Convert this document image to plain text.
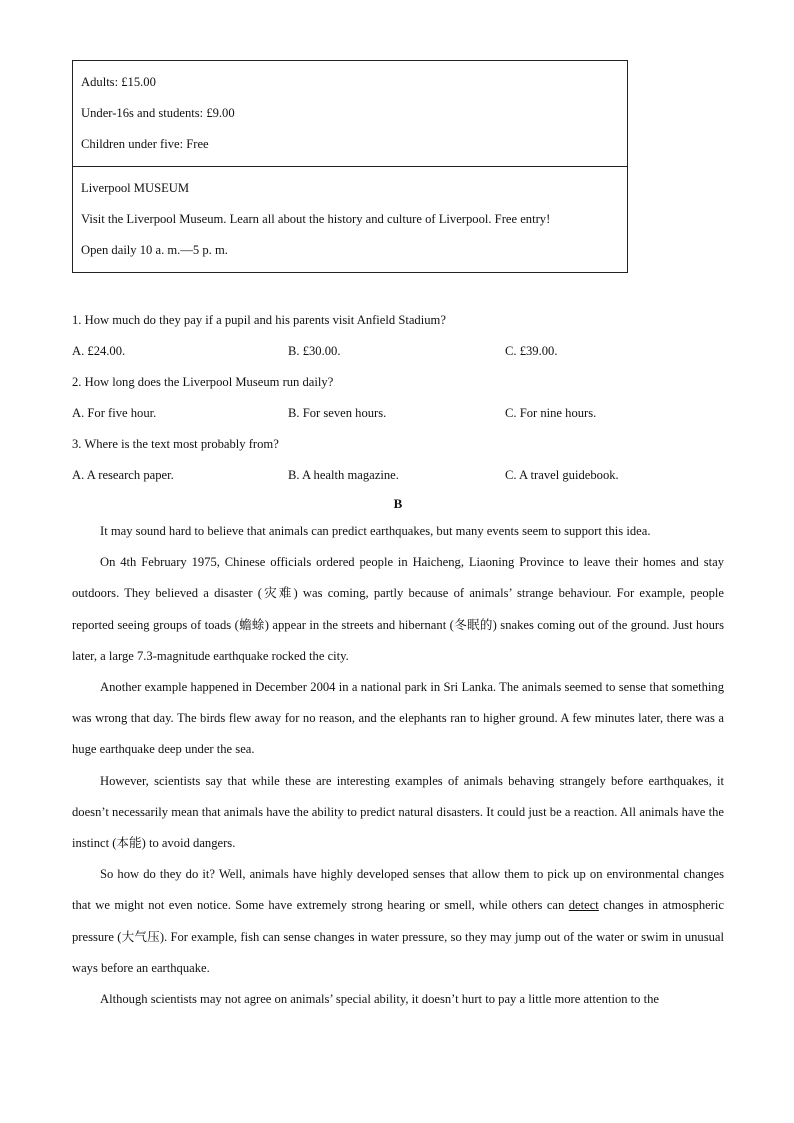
Adults: £15.00

Under-16s and students: £9.00

Children under five: Free

Liverpool MUSEUM

Visit the Liverpool Museum. Learn all about the history and culture of Liverpool. Free entry!

Open daily 10 a. m.—5 p. m.

1. How much do they pay if a pupil and his parents visit Anfield Stadium?

A. £24.00.	B. £30.00.	C. £39.00.

2. How long does the Liverpool Museum run daily?

A. For five hour.	B. For seven hours.	C. For nine hours.

3. Where is the text most probably from?

A. A research paper.	B. A health magazine.	C. A travel guidebook.

B

It may sound hard to believe that animals can predict earthquakes, but many events seem to support this idea.

On 4th February 1975, Chinese officials ordered people in Haicheng, Liaoning Province to leave their homes and stay outdoors. They believed a disaster (灾难) was coming, partly because of animals’ strange behaviour. For example, people reported seeing groups of toads (蟾蜍) appear in the streets and hibernant (冬眠的) snakes coming out of the ground. Just hours later, a large 7.3-magnitude earthquake rocked the city.

Another example happened in December 2004 in a national park in Sri Lanka. The animals seemed to sense that something was wrong that day. The birds flew away for no reason, and the elephants ran to higher ground. A few minutes later, there was a huge earthquake deep under the sea.

However, scientists say that while these are interesting examples of animals behaving strangely before earthquakes, it doesn’t necessarily mean that animals have the ability to predict natural disasters. It could just be a reaction. All animals have the instinct (本能) to avoid dangers.

So how do they do it? Well, animals have highly developed senses that allow them to pick up on environmental changes that we might not even notice. Some have extremely strong hearing or smell, while others can detect changes in atmospheric pressure (大气压). For example, fish can sense changes in water pressure, so they may jump out of the water or swim in unusual ways before an earthquake.

Although scientists may not agree on animals’ special ability, it doesn’t hurt to pay a little more attention to the
